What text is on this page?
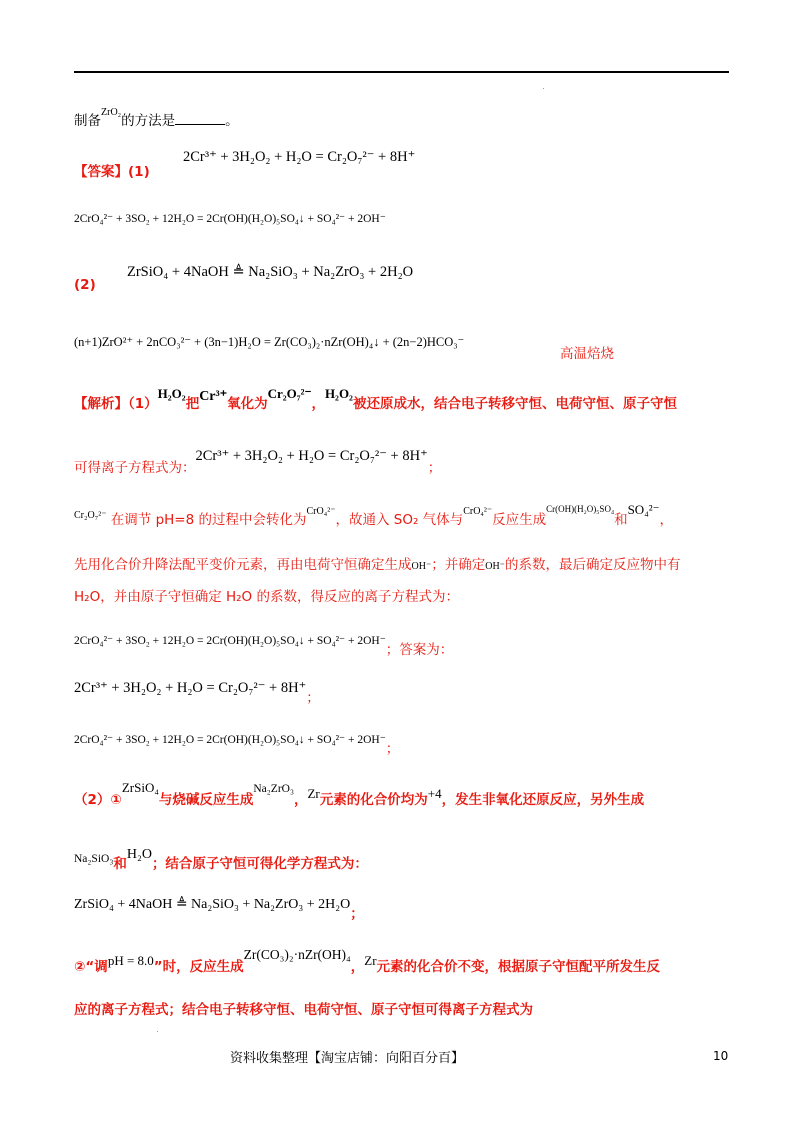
制备$^{ZrO_2}$的方法是	。
【答案】(1)
2Cr³⁺ + 3H₂O₂ + H₂O = Cr₂O₇²⁻ + 8H⁺
2CrO₄²⁻ + 3SO₂ + 12H₂O = 2Cr(OH)(H₂O)₅SO₄↓ + SO₄²⁻ + 2OH⁻
ZrSiO₄ + 4NaOH ≜ Na₂SiO₃ + Na₂ZrO₃ + 2H₂O
(2)
(n+1)ZrO²⁺ + 2nCO₃²⁻ + (3n−1)H₂O = Zr(CO₃)₂·nZr(OH)₄↓ + (2n−2)HCO₃⁻
高温焙烧
【解析】（1）H₂O₂把Cr³⁺氧化为Cr₂O₇²⁻，H₂O₂被还原成水，结合电子转移守恒、电荷守恒、原子守恒
可得离子方程式为：2Cr³⁺ + 3H₂O₂ + H₂O = Cr₂O₇²⁻ + 8H⁺；
$^{Cr_2O_7^{2-}}$ 在调节 pH=8 的过程中会转化为$^{CrO_4^{2-}}$，故通入 SO₂ 气体与$^{CrO_4^{2-}}$反应生成$^{Cr(OH)(H_2O)_5SO_4}$和SO₄²⁻，
先用化合价升降法配平变价元素，再由电荷守恒确定生成OH⁻；并确定OH⁻的系数，最后确定反应物中有
H₂O，并由原子守恒确定 H₂O 的系数，得反应的离子方程式为：
2CrO₄²⁻ + 3SO₂ + 12H₂O = 2Cr(OH)(H₂O)₅SO₄↓ + SO₄²⁻ + 2OH⁻；答案为：
2Cr³⁺ + 3H₂O₂ + H₂O = Cr₂O₇²⁻ + 8H⁺；
2CrO₄²⁻ + 3SO₂ + 12H₂O = 2Cr(OH)(H₂O)₅SO₄↓ + SO₄²⁻ + 2OH⁻；
（2）①ZrSiO₄与烧碱反应生成Na₂ZrO₃，Zr元素的化合价均为+4，发生非氧化还原反应，另外生成
Na₂SiO₃和H₂O；结合原子守恒可得化学方程式为：
ZrSiO₄ + 4NaOH ≜ Na₂SiO₃ + Na₂ZrO₃ + 2H₂O；
②“调pH = 8.0”时，反应生成Zr(CO₃)₂·nZr(OH)₄，Zr元素的化合价不变，根据原子守恒配平所发生反
应的离子方程式；结合电子转移守恒、电荷守恒、原子守恒可得离子方程式为
资料收集整理【淘宝店铺：向阳百分百】	10
